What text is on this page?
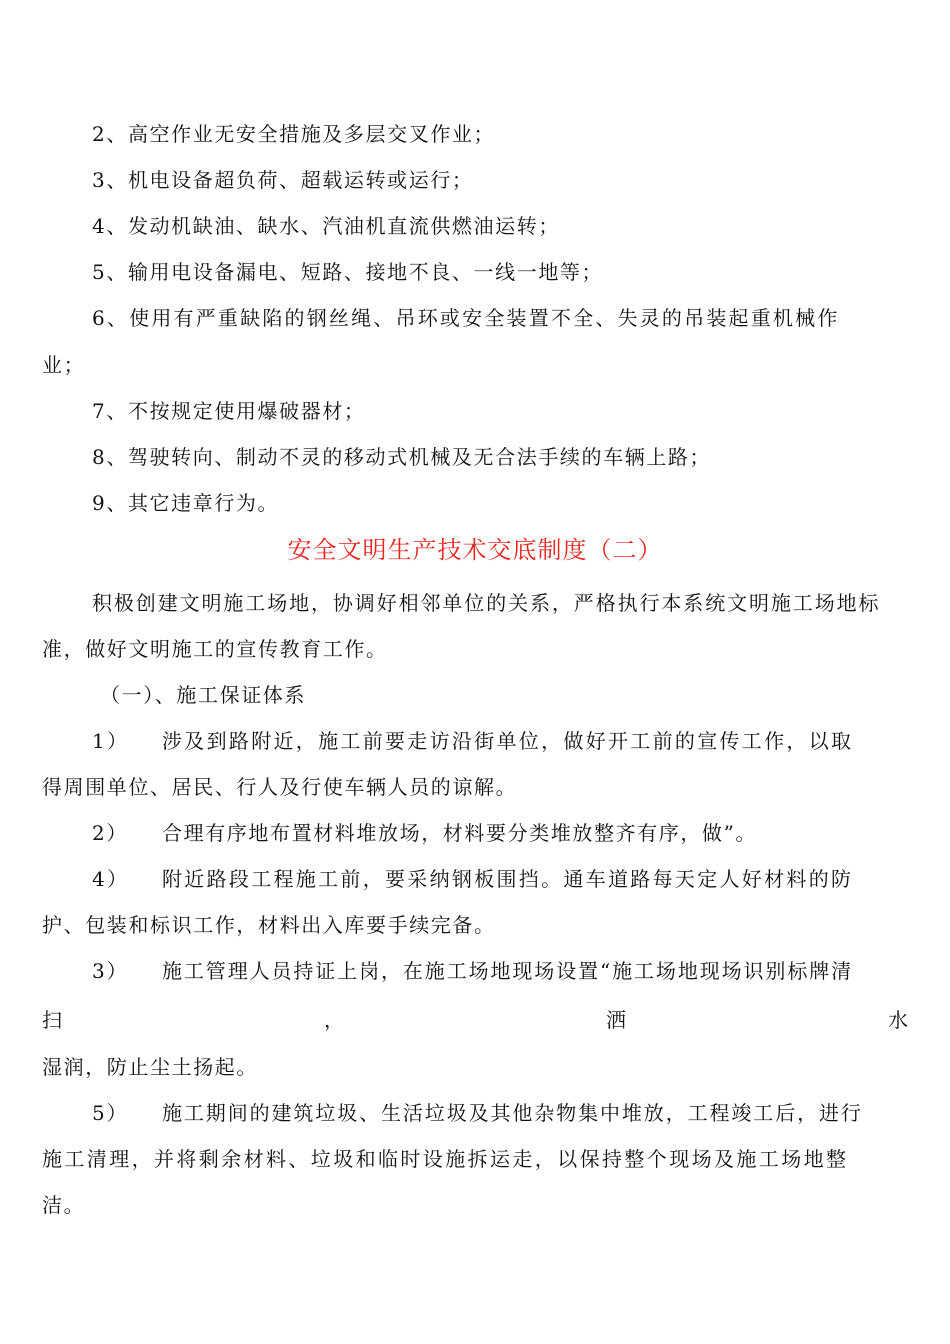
2、高空作业无安全措施及多层交叉作业；
3、机电设备超负荷、超载运转或运行；
4、发动机缺油、缺水、汽油机直流供燃油运转；
5、输用电设备漏电、短路、接地不良、一线一地等；
6、使用有严重缺陷的钢丝绳、吊环或安全装置不全、失灵的吊装起重机械作
业；
7、不按规定使用爆破器材；
8、驾驶转向、制动不灵的移动式机械及无合法手续的车辆上路；
9、其它违章行为。
安全文明生产技术交底制度（二）
积极创建文明施工场地，协调好相邻单位的关系，严格执行本系统文明施工场地标
准，做好文明施工的宣传教育工作。
（一）、施工保证体系
1） 涉及到路附近，施工前要走访沿街单位，做好开工前的宣传工作，以取
得周围单位、居民、行人及行使车辆人员的谅解。
2） 合理有序地布置材料堆放场，材料要分类堆放整齐有序，做”。
4） 附近路段工程施工前，要采纳钢板围挡。通车道路每天定人好材料的防
护、包装和标识工作，材料出入库要手续完备。
3） 施工管理人员持证上岗，在施工场地现场设置“施工场地现场识别标牌清
扫	，	洒	水
湿润，防止尘土扬起。
5） 施工期间的建筑垃圾、生活垃圾及其他杂物集中堆放，工程竣工后，进行
施工清理，并将剩余材料、垃圾和临时设施拆运走，以保持整个现场及施工场地整
洁。
